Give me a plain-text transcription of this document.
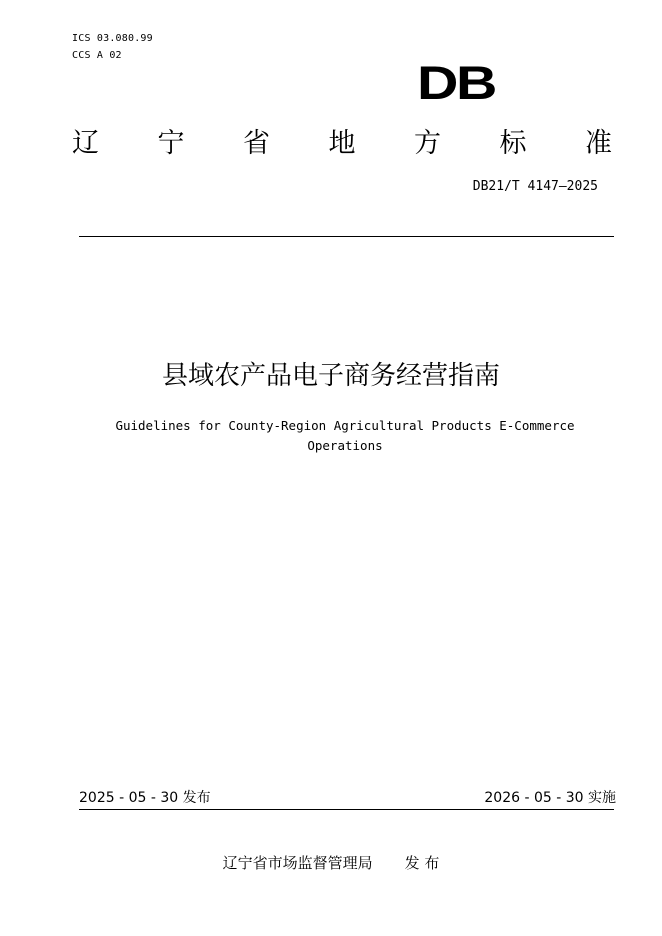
ICS 03.080.99
CCS A 02
DB
辽 宁 省 地 方 标 准
DB21/T 4147—2025
县域农产品电子商务经营指南
Guidelines for County-Region Agricultural Products E-Commerce
Operations
2025 - 05 - 30 发布	2026 - 05 - 30 实施
辽宁省市场监督管理局 发 布
